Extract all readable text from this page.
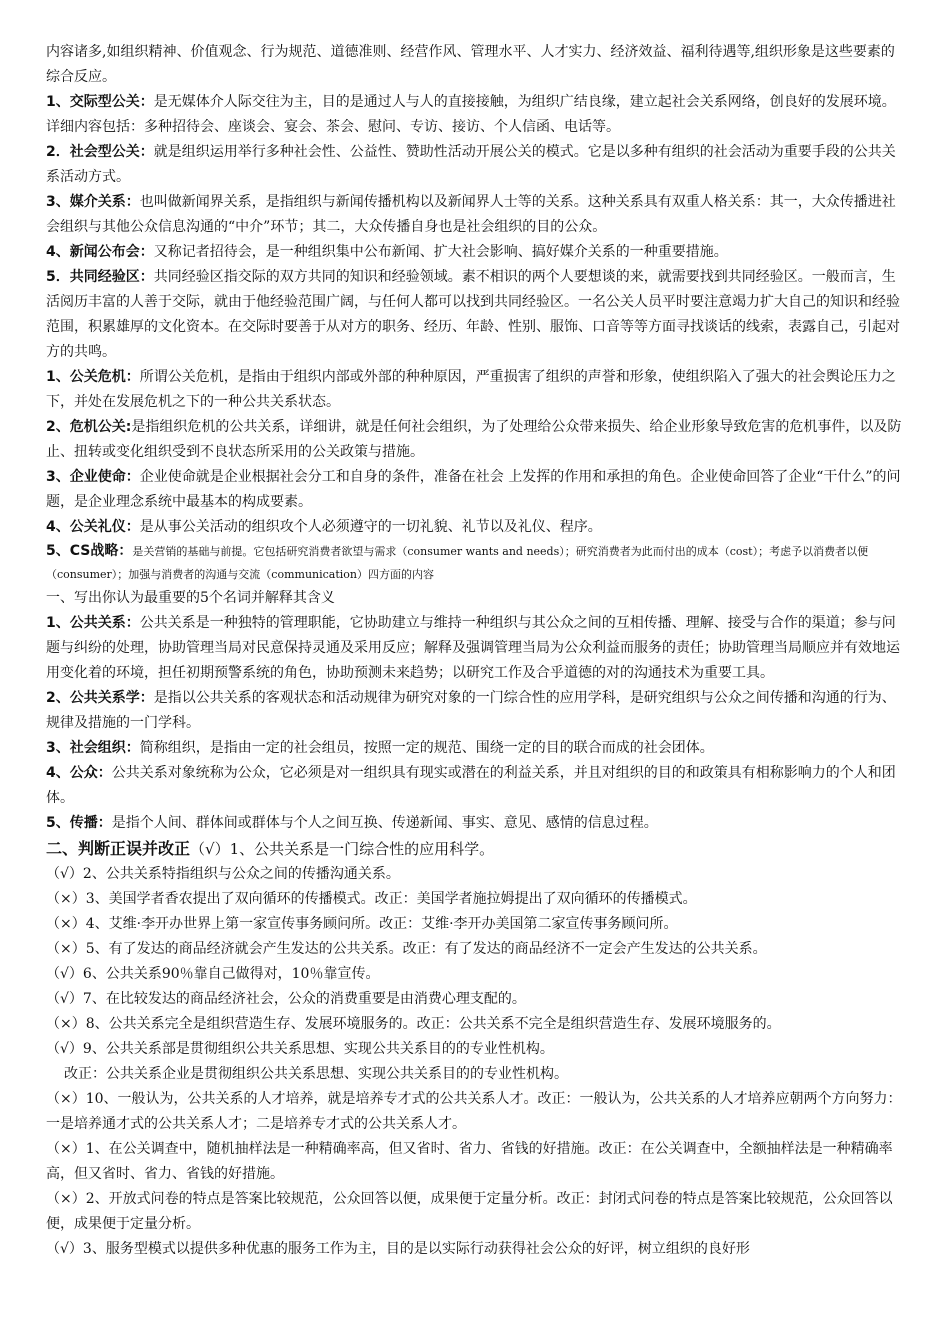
内容诸多,如组织精神、价值观念、行为规范、道德准则、经营作风、管理水平、人才实力、经济效益、福利待遇等,组织形象是这些要素的综合反应。

1、交际型公关：是无媒体介人际交往为主，目的是通过人与人的直接接触，为组织广结良缘，建立起社会关系网络，创良好的发展环境。详细内容包括：多种招待会、座谈会、宴会、茶会、慰问、专访、接访、个人信函、电话等。

2．社会型公关：就是组织运用举行多种社会性、公益性、赞助性活动开展公关的模式。它是以多种有组织的社会活动为重要手段的公共关系活动方式。

3、媒介关系：也叫做新闻界关系，是指组织与新闻传播机构以及新闻界人士等的关系。这种关系具有双重人格关系：其一，大众传播进社会组织与其他公众信息沟通的“中介”环节；其二，大众传播自身也是社会组织的目的公众。

4、新闻公布会：又称记者招待会，是一种组织集中公布新闻、扩大社会影响、搞好媒介关系的一种重要措施。

5．共同经验区：共同经验区指交际的双方共同的知识和经验领域。素不相识的两个人要想谈的来，就需要找到共同经验区。一般而言，生活阅历丰富的人善于交际，就由于他经验范围广阔，与任何人都可以找到共同经验区。一名公关人员平时要注意竭力扩大自己的知识和经验范围，积累雄厚的文化资本。在交际时要善于从对方的职务、经历、年龄、性别、服饰、口音等等方面寻找谈话的线索，表露自己，引起对方的共鸣。

1、公关危机：所谓公关危机，是指由于组织内部或外部的种种原因，严重损害了组织的声誉和形象，使组织陷入了强大的社会舆论压力之下，并处在发展危机之下的一种公共关系状态。

2、危机公关:是指组织危机的公共关系，详细讲，就是任何社会组织，为了处理给公众带来损失、给企业形象导致危害的危机事件，以及防止、扭转或变化组织受到不良状态所采用的公关政策与措施。

3、企业使命：企业使命就是企业根据社会分工和自身的条件，准备在社会 上发挥的作用和承担的角色。企业使命回答了企业“干什么”的问题，是企业理念系统中最基本的构成要素。

4、公关礼仪：是从事公关活动的组织攻个人必须遵守的一切礼貌、礼节以及礼仪、程序。

5、CS战略：是关营销的基础与前提。它包括研究消费者欲望与需求（consumer wants and needs）；研究消费者为此而付出的成本（cost）；考虑予以消费者以便（consumer）；加强与消费者的沟通与交流（communication）四方面的内容

一、写出你认为最重要的5个名词并解释其含义

1、公共关系：公共关系是一种独特的管理职能，它协助建立与维持一种组织与其公众之间的互相传播、理解、接受与合作的渠道；参与问题与纠纷的处理，协助管理当局对民意保持灵通及采用反应；解释及强调管理当局为公众利益而服务的责任；协助管理当局顺应并有效地运用变化着的环境，担任初期预警系统的角色，协助预测未来趋势；以研究工作及合乎道德的对的沟通技术为重要工具。

2、公共关系学：是指以公共关系的客观状态和活动规律为研究对象的一门综合性的应用学科，是研究组织与公众之间传播和沟通的行为、规律及措施的一门学科。

3、社会组织：简称组织，是指由一定的社会组员，按照一定的规范、围绕一定的目的联合而成的社会团体。

4、公众：公共关系对象统称为公众，它必须是对一组织具有现实或潜在的利益关系，并且对组织的目的和政策具有相称影响力的个人和团体。

5、传播：是指个人间、群体间或群体与个人之间互换、传递新闻、事实、意见、感情的信息过程。

二、判断正误并改正（√）1、公共关系是一门综合性的应用科学。

（√）2、公共关系特指组织与公众之间的传播沟通关系。

（×）3、美国学者香农提出了双向循环的传播模式。改正：美国学者施拉姆提出了双向循环的传播模式。

（×）4、艾维·李开办世界上第一家宣传事务顾问所。改正：艾维·李开办美国第二家宣传事务顾问所。

（×）5、有了发达的商品经济就会产生发达的公共关系。改正：有了发达的商品经济不一定会产生发达的公共关系。

（√）6、公共关系90％靠自己做得对，10％靠宣传。

（√）7、在比较发达的商品经济社会，公众的消费重要是由消费心理支配的。

（×）8、公共关系完全是组织营造生存、发展环境服务的。改正：公共关系不完全是组织营造生存、发展环境服务的。

（√）9、公共关系部是贯彻组织公共关系思想、实现公共关系目的的专业性机构。

改正：公共关系企业是贯彻组织公共关系思想、实现公共关系目的的专业性机构。

（×）10、一般认为，公共关系的人才培养，就是培养专才式的公共关系人才。改正：一般认为，公共关系的人才培养应朝两个方向努力：一是培养通才式的公共关系人才；二是培养专才式的公共关系人才。

（×）1、在公关调查中，随机抽样法是一种精确率高，但又省时、省力、省钱的好措施。改正：在公关调查中，全额抽样法是一种精确率高，但又省时、省力、省钱的好措施。

（×）2、开放式问卷的特点是答案比较规范，公众回答以便，成果便于定量分析。改正：封闭式问卷的特点是答案比较规范，公众回答以便，成果便于定量分析。

（√）3、服务型模式以提供多种优惠的服务工作为主，目的是以实际行动获得社会公众的好评，树立组织的良好形
